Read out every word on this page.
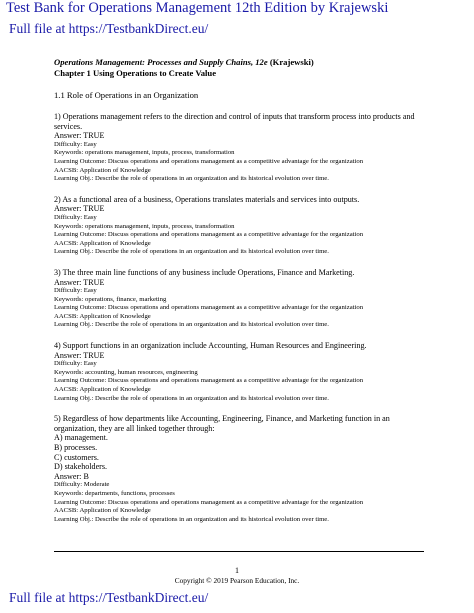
Test Bank for Operations Management 12th Edition by Krajewski
Full file at https://TestbankDirect.eu/
Operations Management: Processes and Supply Chains, 12e (Krajewski)
Chapter 1 Using Operations to Create Value
1.1 Role of Operations in an Organization
1) Operations management refers to the direction and control of inputs that transform process into products and services.
Answer: TRUE
Difficulty: Easy
Keywords: operations management, inputs, process, transformation
Learning Outcome: Discuss operations and operations management as a competitive advantage for the organization
AACSB: Application of Knowledge
Learning Obj.: Describe the role of operations in an organization and its historical evolution over time.
2) As a functional area of a business, Operations translates materials and services into outputs.
Answer: TRUE
Difficulty: Easy
Keywords: operations management, inputs, process, transformation
Learning Outcome: Discuss operations and operations management as a competitive advantage for the organization
AACSB: Application of Knowledge
Learning Obj.: Describe the role of operations in an organization and its historical evolution over time.
3) The three main line functions of any business include Operations, Finance and Marketing.
Answer: TRUE
Difficulty: Easy
Keywords: operations, finance, marketing
Learning Outcome: Discuss operations and operations management as a competitive advantage for the organization
AACSB: Application of Knowledge
Learning Obj.: Describe the role of operations in an organization and its historical evolution over time.
4) Support functions in an organization include Accounting, Human Resources and Engineering.
Answer: TRUE
Difficulty: Easy
Keywords: accounting, human resources, engineering
Learning Outcome: Discuss operations and operations management as a competitive advantage for the organization
AACSB: Application of Knowledge
Learning Obj.: Describe the role of operations in an organization and its historical evolution over time.
5) Regardless of how departments like Accounting, Engineering, Finance, and Marketing function in an organization, they are all linked together through:
A) management.
B) processes.
C) customers.
D) stakeholders.
Answer: B
Difficulty: Moderate
Keywords: departments, functions, processes
Learning Outcome: Discuss operations and operations management as a competitive advantage for the organization
AACSB: Application of Knowledge
Learning Obj.: Describe the role of operations in an organization and its historical evolution over time.
1
Copyright © 2019 Pearson Education, Inc.
Full file at https://TestbankDirect.eu/
